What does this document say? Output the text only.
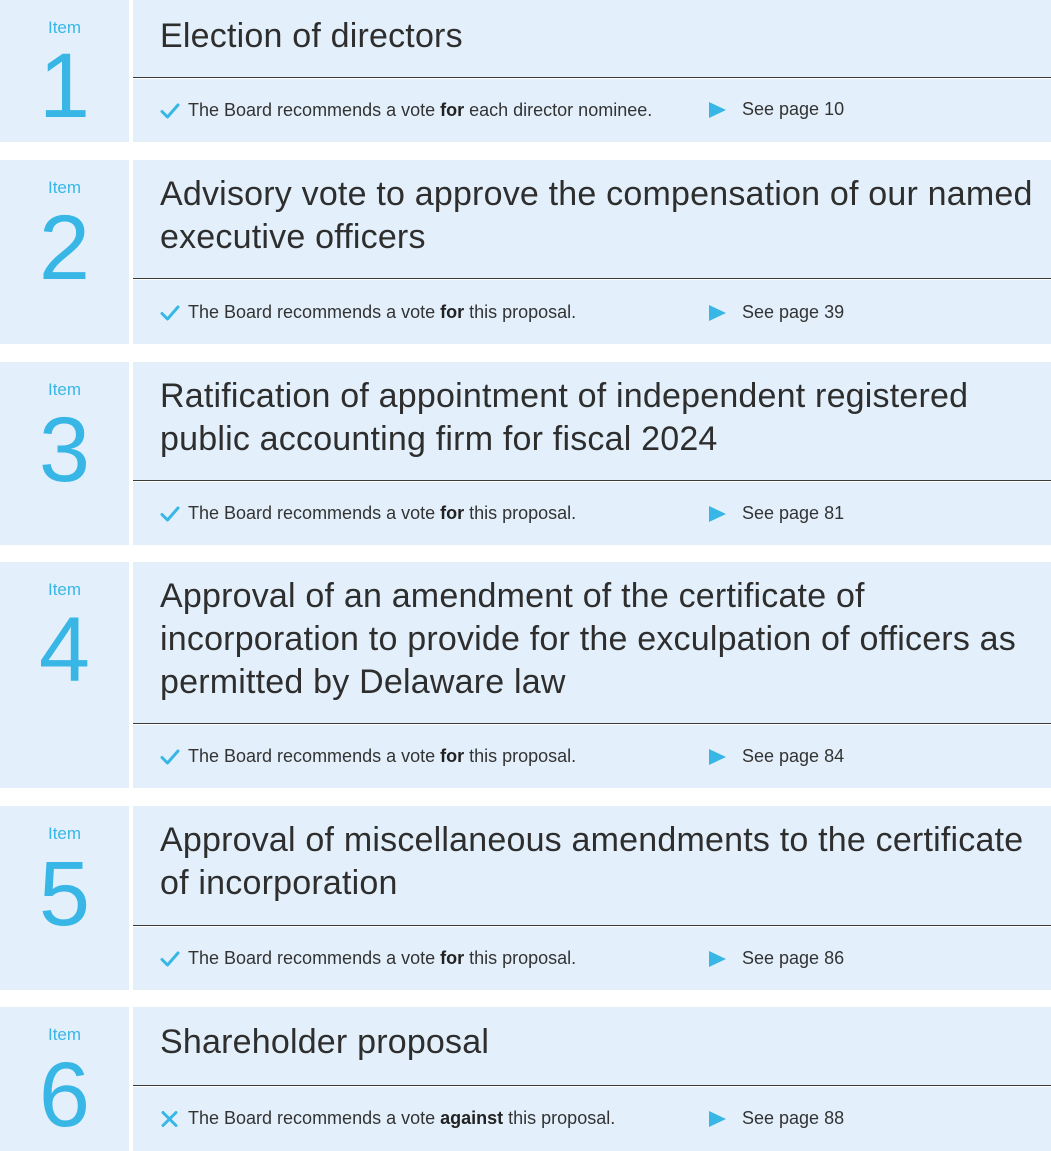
Item
1	Election of directors
The Board recommends a vote for each director nominee.	See page 10
Item
2
Advisory vote to approve the compensation of our named executive officers
The Board recommends a vote for this proposal.	See page 39
Item
3
Ratification of appointment of independent registered public accounting firm for fiscal 2024
The Board recommends a vote for this proposal.	See page 81
Item
4
Approval of an amendment of the certificate of incorporation to provide for the exculpation of officers as permitted by Delaware law
The Board recommends a vote for this proposal.	See page 84
Item
5
Approval of miscellaneous amendments to the certificate of incorporation
The Board recommends a vote for this proposal.	See page 86
Item
6
Shareholder proposal
The Board recommends a vote against this proposal.	See page 88
